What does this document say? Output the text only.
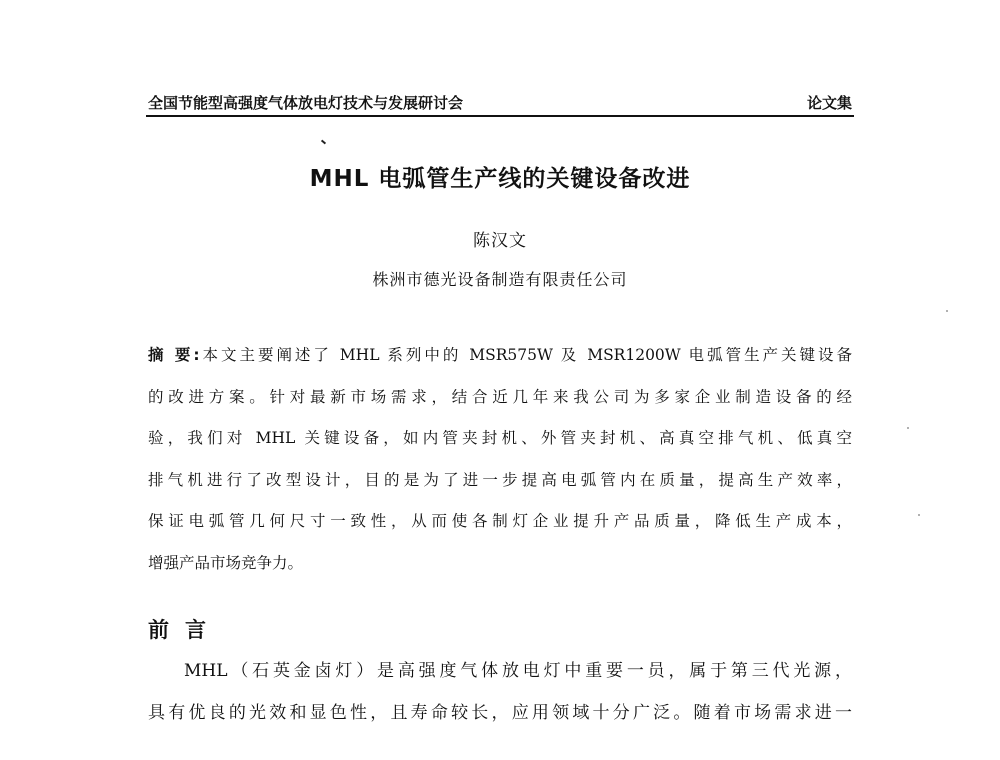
全国节能型高强度气体放电灯技术与发展研讨会	论文集
MHL 电弧管生产线的关键设备改进
陈汉文
株洲市德光设备制造有限责任公司
摘 要:本文主要阐述了 MHL 系列中的 MSR575W 及 MSR1200W 电弧管生产关键设备
的改进方案。针对最新市场需求，结合近几年来我公司为多家企业制造设备的经
验，我们对 MHL 关键设备，如内管夹封机、外管夹封机、高真空排气机、低真空
排气机进行了改型设计，目的是为了进一步提高电弧管内在质量，提高生产效率，
保证电弧管几何尺寸一致性，从而使各制灯企业提升产品质量，降低生产成本，
增强产品市场竞争力。
前言
MHL（石英金卤灯）是高强度气体放电灯中重要一员，属于第三代光源，
具有优良的光效和显色性，且寿命较长，应用领域十分广泛。随着市场需求进一
